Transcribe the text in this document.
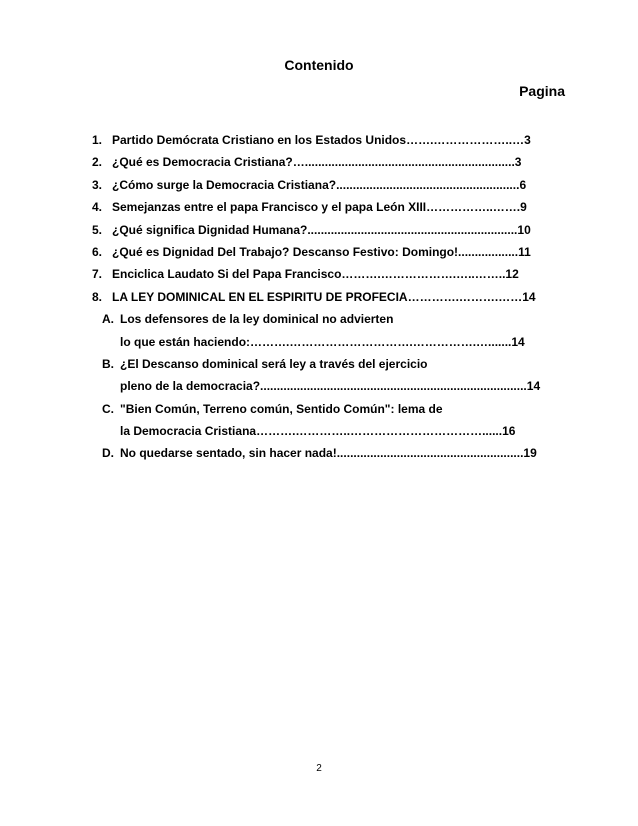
Contenido
Pagina
1. Partido Demócrata Cristiano en los Estados Unidos…….………………..…3
2. ¿Qué es Democracia Cristiana?…...............................................................3
3. ¿Cómo surge la Democracia Cristiana?.......................................................6
4. Semejanzas entre el papa Francisco y el papa León XIII……………..…….9
5. ¿Qué significa Dignidad Humana?...............................................................10
6. ¿Qué es Dignidad Del Trabajo? Descanso Festivo: Domingo!..................11
7. Enciclica Laudato Si del Papa Francisco……….……………….…..……..12
8. LA LEY DOMINICAL EN EL ESPIRITU DE PROFECIA………….……….……14
A. Los defensores de la ley dominical no advierten
lo que están haciendo:……….………………………….…………….….......14
B. ¿El Descanso dominical será ley a través del ejercicio
pleno de la democracia?................................................................................14
C. "Bien Común, Terreno común, Sentido Común": lema de
la Democracia Cristiana……….…………..……………………………......16
D. No quedarse sentado, sin hacer nada!........................................................19
2
